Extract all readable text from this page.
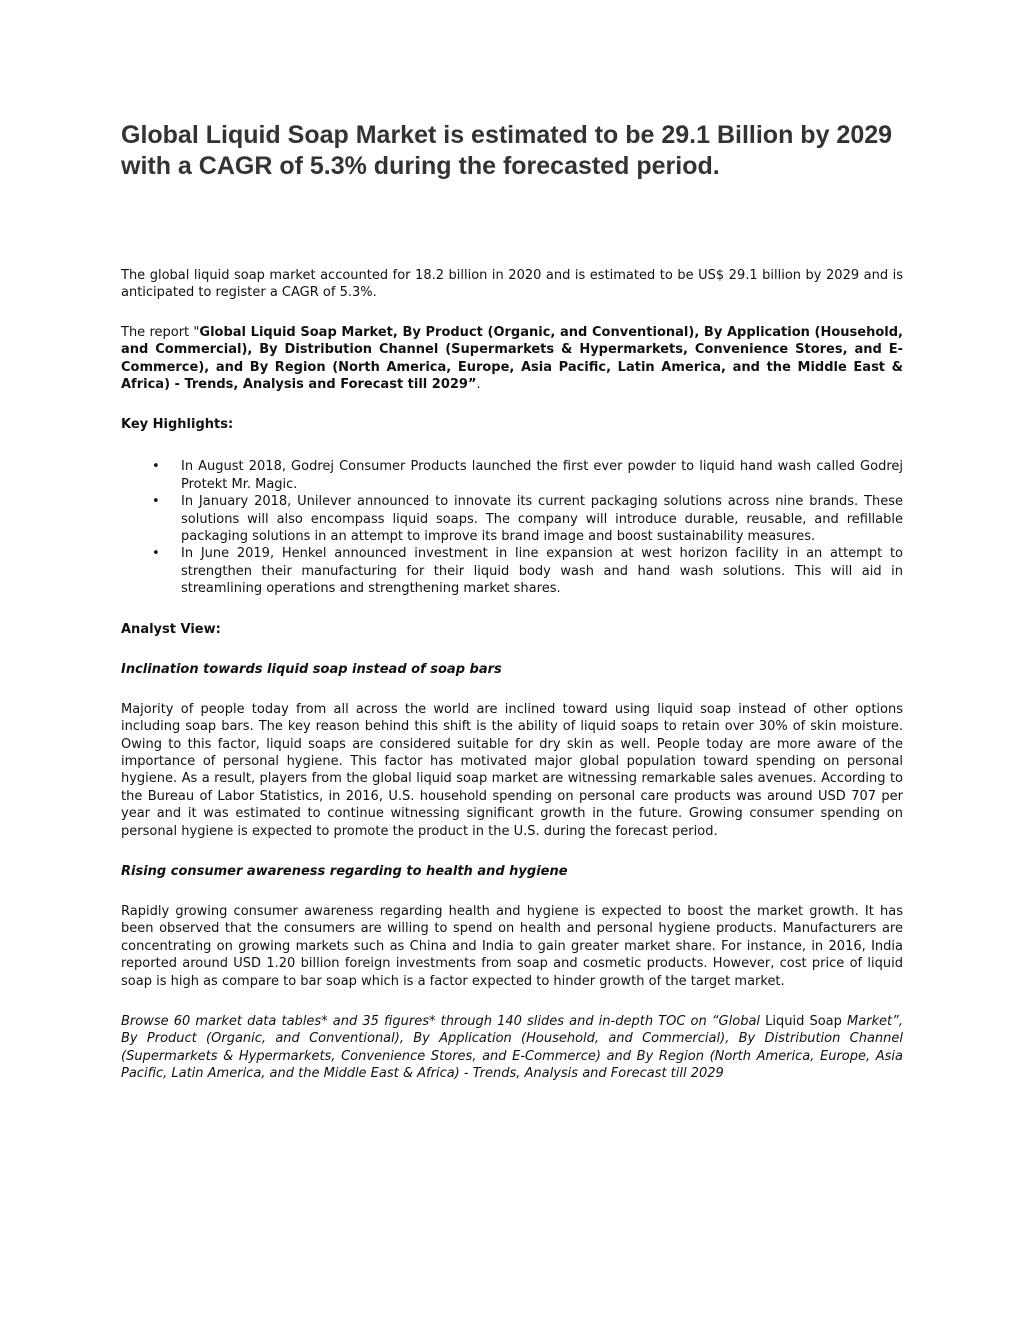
Global Liquid Soap Market is estimated to be 29.1 Billion by 2029 with a CAGR of 5.3% during the forecasted period.

The global liquid soap market accounted for 18.2 billion in 2020 and is estimated to be US$ 29.1 billion by 2029 and is anticipated to register a CAGR of 5.3%.

The report "Global Liquid Soap Market, By Product (Organic, and Conventional), By Application (Household, and Commercial), By Distribution Channel (Supermarkets & Hypermarkets, Convenience Stores, and E-Commerce), and By Region (North America, Europe, Asia Pacific, Latin America, and the Middle East & Africa) - Trends, Analysis and Forecast till 2029”.

Key Highlights:

• In August 2018, Godrej Consumer Products launched the first ever powder to liquid hand wash called Godrej Protekt Mr. Magic.

• In January 2018, Unilever announced to innovate its current packaging solutions across nine brands. These solutions will also encompass liquid soaps. The company will introduce durable, reusable, and refillable packaging solutions in an attempt to improve its brand image and boost sustainability measures.

• In June 2019, Henkel announced investment in line expansion at west horizon facility in an attempt to strengthen their manufacturing for their liquid body wash and hand wash solutions. This will aid in streamlining operations and strengthening market shares.

Analyst View:

Inclination towards liquid soap instead of soap bars

Majority of people today from all across the world are inclined toward using liquid soap instead of other options including soap bars. The key reason behind this shift is the ability of liquid soaps to retain over 30% of skin moisture. Owing to this factor, liquid soaps are considered suitable for dry skin as well. People today are more aware of the importance of personal hygiene. This factor has motivated major global population toward spending on personal hygiene. As a result, players from the global liquid soap market are witnessing remarkable sales avenues. According to the Bureau of Labor Statistics, in 2016, U.S. household spending on personal care products was around USD 707 per year and it was estimated to continue witnessing significant growth in the future. Growing consumer spending on personal hygiene is expected to promote the product in the U.S. during the forecast period.

Rising consumer awareness regarding to health and hygiene

Rapidly growing consumer awareness regarding health and hygiene is expected to boost the market growth. It has been observed that the consumers are willing to spend on health and personal hygiene products. Manufacturers are concentrating on growing markets such as China and India to gain greater market share. For instance, in 2016, India reported around USD 1.20 billion foreign investments from soap and cosmetic products. However, cost price of liquid soap is high as compare to bar soap which is a factor expected to hinder growth of the target market.

Browse 60 market data tables* and 35 figures* through 140 slides and in-depth TOC on “Global Liquid Soap Market”, By Product (Organic, and Conventional), By Application (Household, and Commercial), By Distribution Channel (Supermarkets & Hypermarkets, Convenience Stores, and E-Commerce) and By Region (North America, Europe, Asia Pacific, Latin America, and the Middle East & Africa) - Trends, Analysis and Forecast till 2029
